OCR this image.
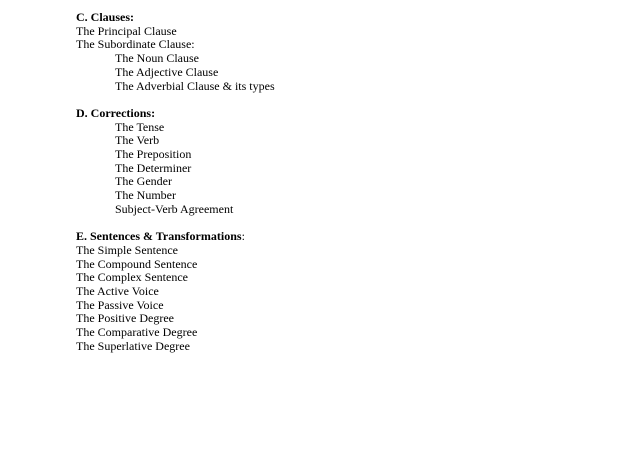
C. Clauses:
The Principal Clause
The Subordinate Clause:
The Noun Clause
The Adjective Clause
The Adverbial Clause & its types
D. Corrections:
The Tense
The Verb
The Preposition
The Determiner
The Gender
The Number
Subject-Verb Agreement
E. Sentences & Transformations:
The Simple Sentence
The Compound Sentence
The Complex Sentence
The Active Voice
The Passive Voice
The Positive Degree
The Comparative Degree
The Superlative Degree
